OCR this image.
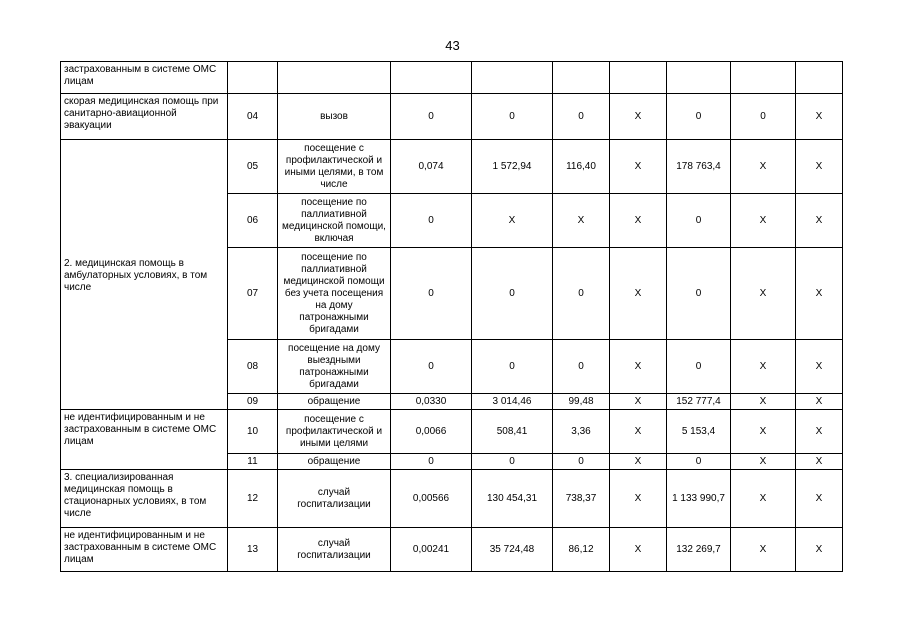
43
застрахованным в системе ОМС лицам									
скорая медицинская помощь при санитарно-авиационной эвакуации	04	вызов	0	0	0	X	0	0	X
2. медицинская помощь в амбулаторных условиях, в том числе	05	посещение с профилактической и иными целями, в том числе	0,074	1 572,94	116,40	X	178 763,4	X	X
	06	посещение по паллиативной медицинской помощи, включая	0	X	X	X	0	X	X
	07	посещение по паллиативной медицинской помощи без учета посещения на дому патронажными бригадами	0	0	0	X	0	X	X
	08	посещение на дому выездными патронажными бригадами	0	0	0	X	0	X	X
	09	обращение	0,0330	3 014,46	99,48	X	152 777,4	X	X
не идентифицированным и не застрахованным в системе ОМС лицам	10	посещение с профилактической и иными целями	0,0066	508,41	3,36	X	5 153,4	X	X
	11	обращение	0	0	0	X	0	X	X
3. специализированная медицинская помощь в стационарных условиях, в том числе	12	случай госпитализации	0,00566	130 454,31	738,37	X	1 133 990,7	X	X
не идентифицированным и не застрахованным в системе ОМС лицам	13	случай госпитализации	0,00241	35 724,48	86,12	X	132 269,7	X	X
